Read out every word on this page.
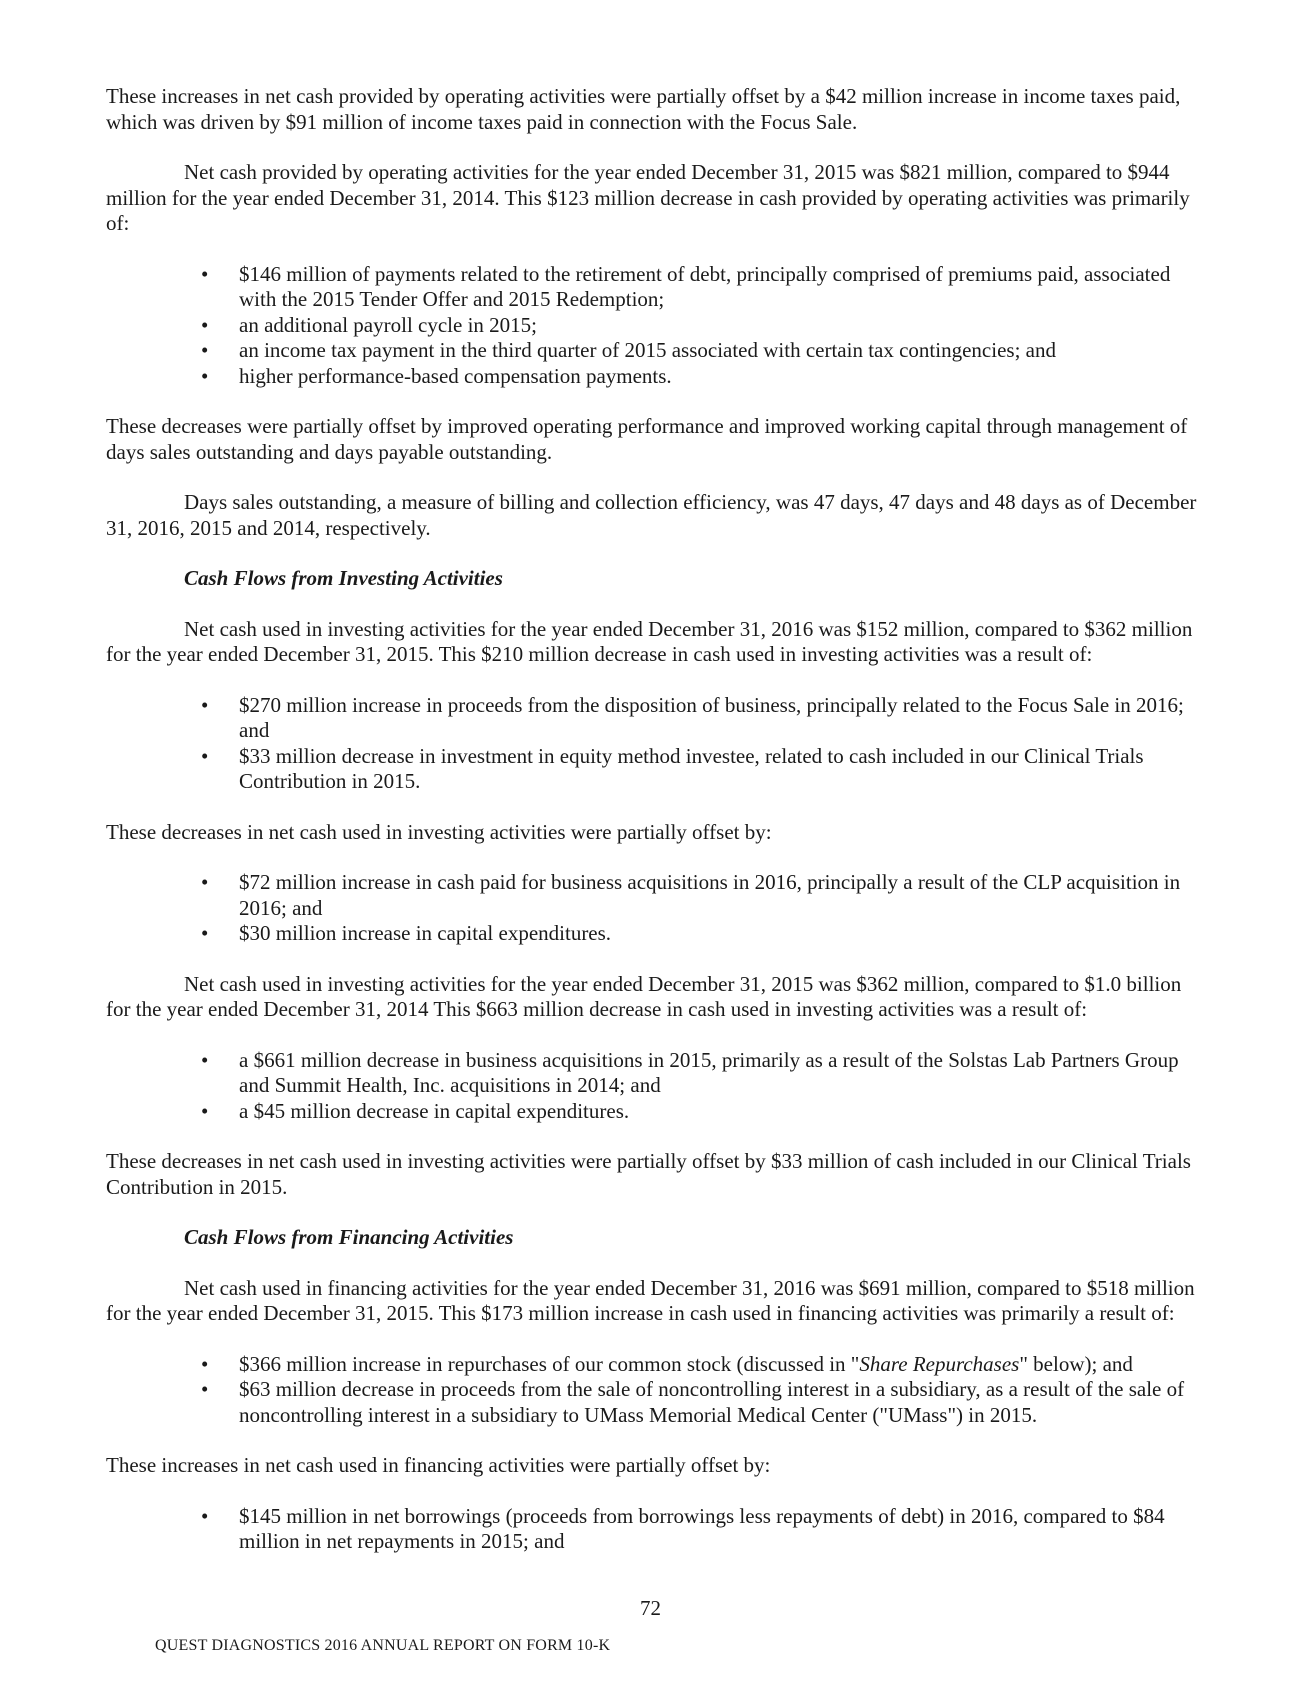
These increases in net cash provided by operating activities were partially offset by a $42 million increase in income taxes paid, which was driven by $91 million of income taxes paid in connection with the Focus Sale.

Net cash provided by operating activities for the year ended December 31, 2015 was $821 million, compared to $944 million for the year ended December 31, 2014. This $123 million decrease in cash provided by operating activities was primarily of:

• $146 million of payments related to the retirement of debt, principally comprised of premiums paid, associated with the 2015 Tender Offer and 2015 Redemption;
• an additional payroll cycle in 2015;
• an income tax payment in the third quarter of 2015 associated with certain tax contingencies; and
• higher performance-based compensation payments.

These decreases were partially offset by improved operating performance and improved working capital through management of days sales outstanding and days payable outstanding.

Days sales outstanding, a measure of billing and collection efficiency, was 47 days, 47 days and 48 days as of December 31, 2016, 2015 and 2014, respectively.

Cash Flows from Investing Activities

Net cash used in investing activities for the year ended December 31, 2016 was $152 million, compared to $362 million for the year ended December 31, 2015. This $210 million decrease in cash used in investing activities was a result of:

• $270 million increase in proceeds from the disposition of business, principally related to the Focus Sale in 2016; and
• $33 million decrease in investment in equity method investee, related to cash included in our Clinical Trials Contribution in 2015.

These decreases in net cash used in investing activities were partially offset by:

• $72 million increase in cash paid for business acquisitions in 2016, principally a result of the CLP acquisition in 2016; and
• $30 million increase in capital expenditures.

Net cash used in investing activities for the year ended December 31, 2015 was $362 million, compared to $1.0 billion for the year ended December 31, 2014 This $663 million decrease in cash used in investing activities was a result of:

• a $661 million decrease in business acquisitions in 2015, primarily as a result of the Solstas Lab Partners Group and Summit Health, Inc. acquisitions in 2014; and
• a $45 million decrease in capital expenditures.

These decreases in net cash used in investing activities were partially offset by $33 million of cash included in our Clinical Trials Contribution in 2015.

Cash Flows from Financing Activities

Net cash used in financing activities for the year ended December 31, 2016 was $691 million, compared to $518 million for the year ended December 31, 2015. This $173 million increase in cash used in financing activities was primarily a result of:

• $366 million increase in repurchases of our common stock (discussed in "Share Repurchases" below); and
• $63 million decrease in proceeds from the sale of noncontrolling interest in a subsidiary, as a result of the sale of noncontrolling interest in a subsidiary to UMass Memorial Medical Center ("UMass") in 2015.

These increases in net cash used in financing activities were partially offset by:

• $145 million in net borrowings (proceeds from borrowings less repayments of debt) in 2016, compared to $84 million in net repayments in 2015; and
72
QUEST DIAGNOSTICS 2016 ANNUAL REPORT ON FORM 10-K
